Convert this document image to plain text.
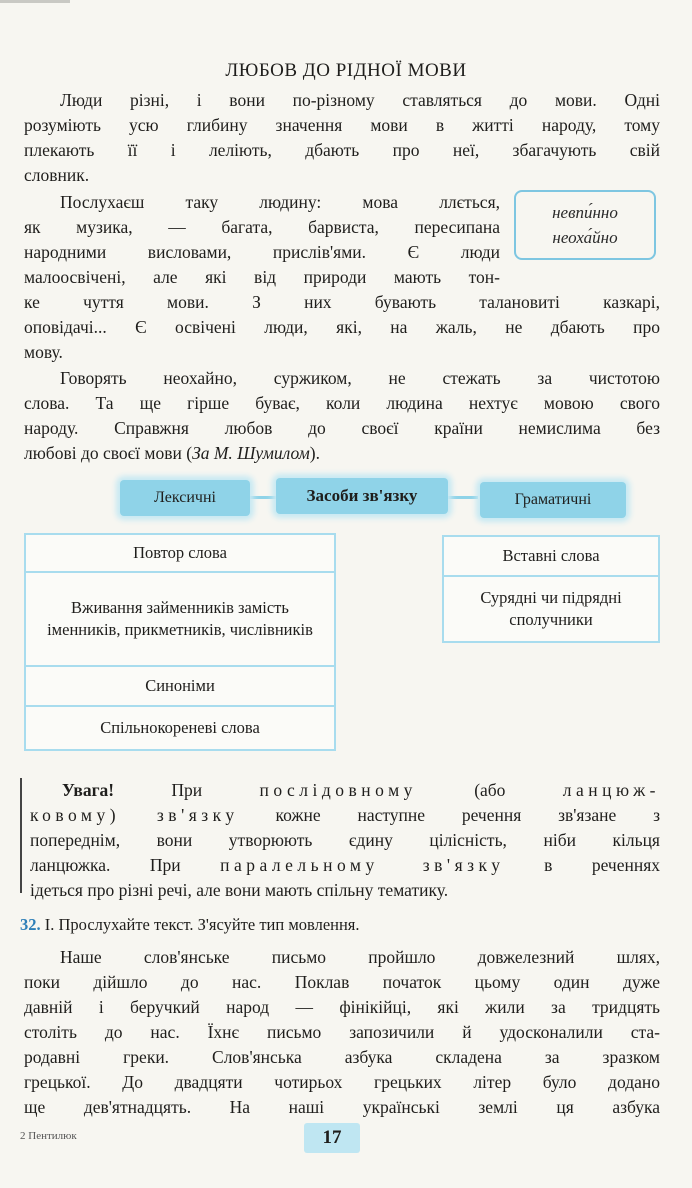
ЛЮБОВ ДО РІДНОЇ МОВИ
Люди різні, і вони по-різному ставляться до мови. Одні
розуміють усю глибину значення мови в житті народу, тому
плекають її і леліють, дбають про неї, збагачують свій
словник.
Послухаєш таку людину: мова ллється,
як музика, — багата, барвиста, пересипана
народними висловами, прислів'ями. Є люди
малоосвічені, але які від природи мають тон-
ке чуття мови. З них бувають талановиті казкарі,
оповідачі... Є освічені люди, які, на жаль, не дбають про
мову.
невпи́нно
неоха́йно
Говорять неохайно, суржиком, не стежать за чистотою
слова. Та ще гірше буває, коли людина нехтує мовою свого
народу. Справжня любов до своєї країни немислима без
любові до своєї мови (За М. Шумилом).
Лексичні	Засоби зв'язку	Граматичні
Повтор слова
Вживання займенників замість іменників, прикметників, числівників
Синоніми
Спільнокореневі слова
Вставні слова
Сурядні чи підрядні сполучники
Увага!	При	послідовному	(або	ланцюж-
ковому) зв'язку кожне наступне речення зв'язане з
попереднім, вони утворюють єдину цілісність, ніби кільця
ланцюжка. При паралельному зв'язку в реченнях
ідеться про різні речі, але вони мають спільну тематику.
32. І. Прослухайте текст. З'ясуйте тип мовлення.
Наше слов'янське письмо пройшло довжелезний шлях,
поки дійшло до нас. Поклав початок цьому один дуже
давній і беручкий народ — фінікійці, які жили за тридцять
століть до нас. Їхнє письмо запозичили й удосконалили ста-
родавні греки. Слов'янська азбука складена за зразком
грецької. До двадцяти чотирьох грецьких літер було додано
ще дев'ятнадцять. На наші українські землі ця азбука
2 Пентилюк	17
